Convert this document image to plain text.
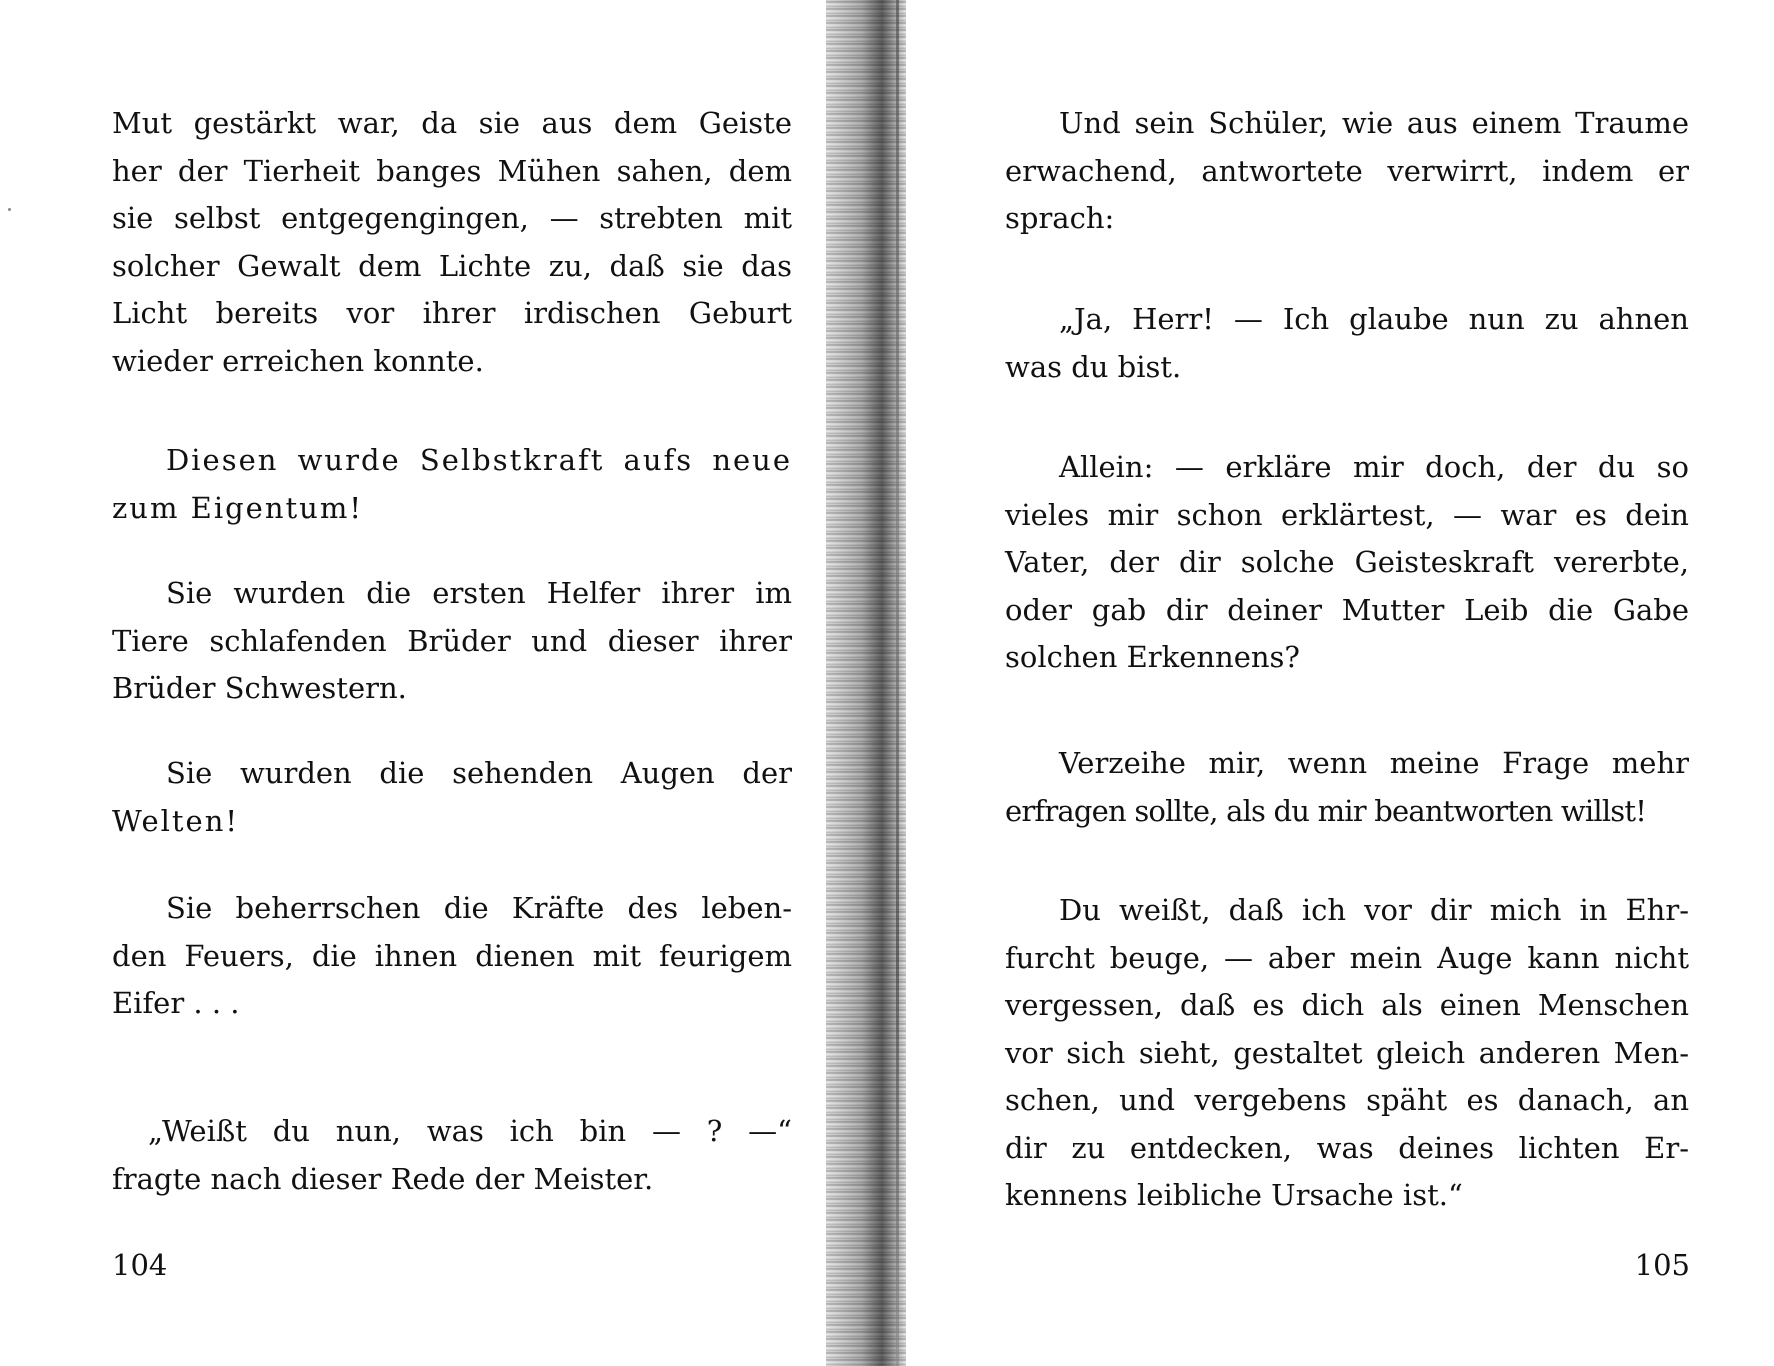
Mut gestärkt war, da sie aus dem Geiste
her der Tierheit banges Mühen sahen, dem
sie selbst entgegengingen, — strebten mit
solcher Gewalt dem Lichte zu, daß sie das
Licht bereits vor ihrer irdischen Geburt
wieder erreichen konnte.

Diesen wurde Selbstkraft aufs neue
zum Eigentum!

Sie wurden die ersten Helfer ihrer im
Tiere schlafenden Brüder und dieser ihrer
Brüder Schwestern.

Sie wurden die sehenden Augen der
Welten!

Sie beherrschen die Kräfte des leben-
den Feuers, die ihnen dienen mit feurigem
Eifer . . .

„Weißt du nun, was ich bin — ? —“
fragte nach dieser Rede der Meister.

104

Und sein Schüler, wie aus einem Traume
erwachend, antwortete verwirrt, indem er
sprach:

„Ja, Herr! — Ich glaube nun zu ahnen
was du bist.

Allein: — erkläre mir doch, der du so
vieles mir schon erklärtest, — war es dein
Vater, der dir solche Geisteskraft vererbte,
oder gab dir deiner Mutter Leib die Gabe
solchen Erkennens?

Verzeihe mir, wenn meine Frage mehr
erfragen sollte, als du mir beantworten willst!

Du weißt, daß ich vor dir mich in Ehr-
furcht beuge, — aber mein Auge kann nicht
vergessen, daß es dich als einen Menschen
vor sich sieht, gestaltet gleich anderen Men-
schen, und vergebens späht es danach, an
dir zu entdecken, was deines lichten Er-
kennens leibliche Ursache ist.“

105
